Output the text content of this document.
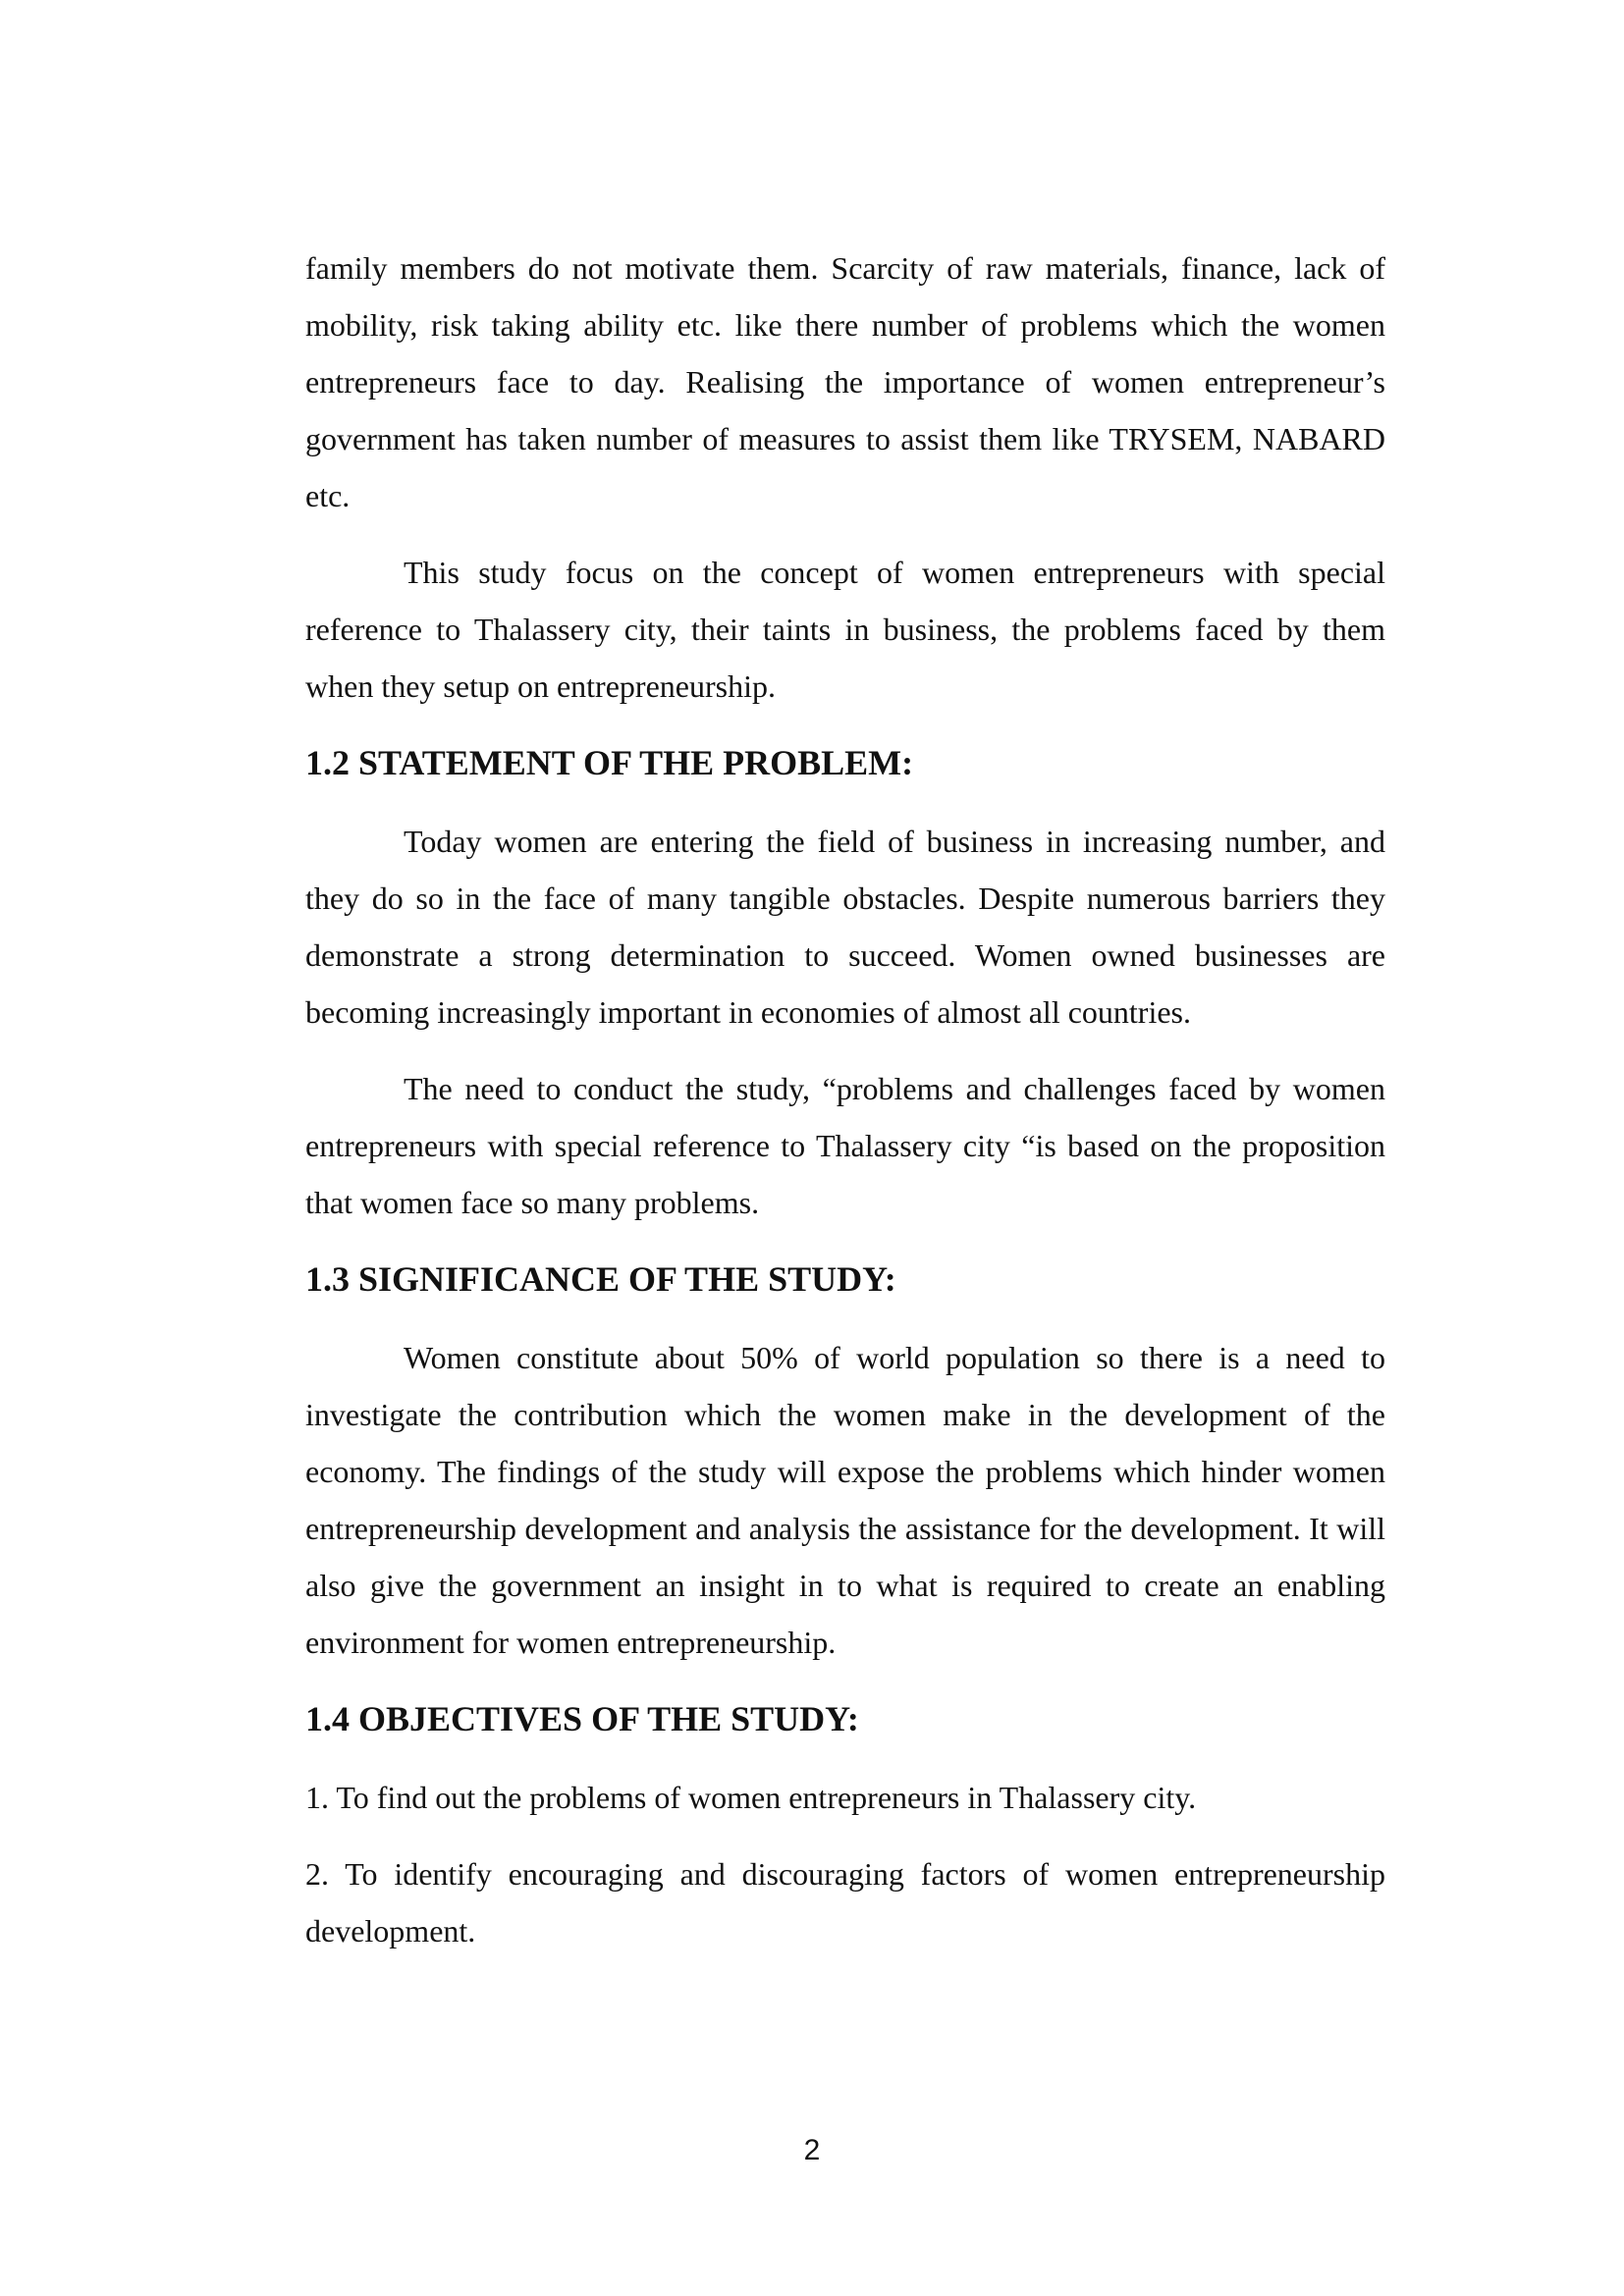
family members do not motivate them. Scarcity of raw materials, finance, lack of mobility, risk taking ability etc. like there number of problems which the women entrepreneurs face to day. Realising the importance of women entrepreneur’s government has taken number of measures to assist them like TRYSEM, NABARD etc.

This study focus on the concept of women entrepreneurs with special reference to Thalassery city, their taints in business, the problems faced by them when they setup on entrepreneurship.

1.2 STATEMENT OF THE PROBLEM:

Today women are entering the field of business in increasing number, and they do so in the face of many tangible obstacles. Despite numerous barriers they demonstrate a strong determination to succeed. Women owned businesses are becoming increasingly important in economies of almost all countries.

The need to conduct the study, “problems and challenges faced by women entrepreneurs with special reference to Thalassery city “is based on the proposition that women face so many problems.

1.3 SIGNIFICANCE OF THE STUDY:

Women constitute about 50% of world population so there is a need to investigate the contribution which the women make in the development of the economy. The findings of the study will expose the problems which hinder women entrepreneurship development and analysis the assistance for the development. It will also give the government an insight in to what is required to create an enabling environment for women entrepreneurship.

1.4 OBJECTIVES OF THE STUDY:

1. To find out the problems of women entrepreneurs in Thalassery city.

2. To identify encouraging and discouraging factors of women entrepreneurship development.

2
